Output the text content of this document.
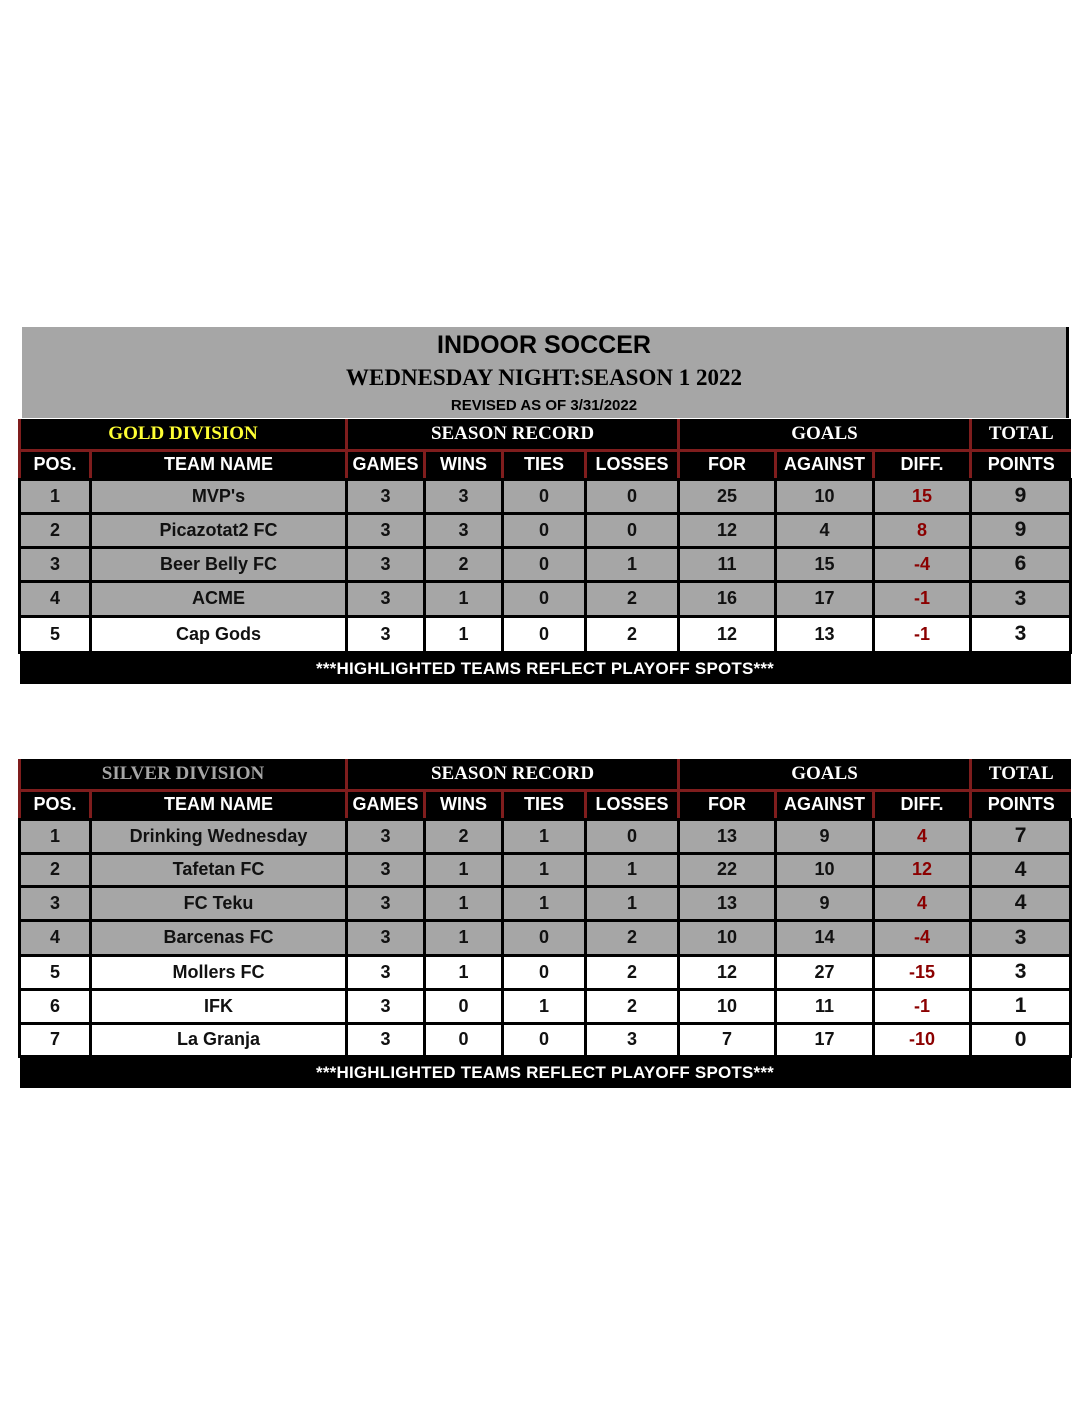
INDOOR SOCCER
WEDNESDAY NIGHT:SEASON 1 2022
REVISED AS OF 3/31/2022
GOLD DIVISION		SEASON RECORD				GOALS			TOTAL
POS.	TEAM NAME	GAMES	WINS	TIES	LOSSES	FOR	AGAINST	DIFF.	POINTS
1	MVP's	3	3	0	0	25	10	15	9
2	Picazotat2 FC	3	3	0	0	12	4	8	9
3	Beer Belly FC	3	2	0	1	11	15	-4	6
4	ACME	3	1	0	2	16	17	-1	3
5	Cap Gods	3	1	0	2	12	13	-1	3
***HIGHLIGHTED TEAMS REFLECT PLAYOFF SPOTS***									
SILVER DIVISION		SEASON RECORD				GOALS			TOTAL
POS.	TEAM NAME	GAMES	WINS	TIES	LOSSES	FOR	AGAINST	DIFF.	POINTS
1	Drinking Wednesday	3	2	1	0	13	9	4	7
2	Tafetan FC	3	1	1	1	22	10	12	4
3	FC Teku	3	1	1	1	13	9	4	4
4	Barcenas FC	3	1	0	2	10	14	-4	3
5	Mollers FC	3	1	0	2	12	27	-15	3
6	IFK	3	0	1	2	10	11	-1	1
7	La Granja	3	0	0	3	7	17	-10	0
***HIGHLIGHTED TEAMS REFLECT PLAYOFF SPOTS***									
